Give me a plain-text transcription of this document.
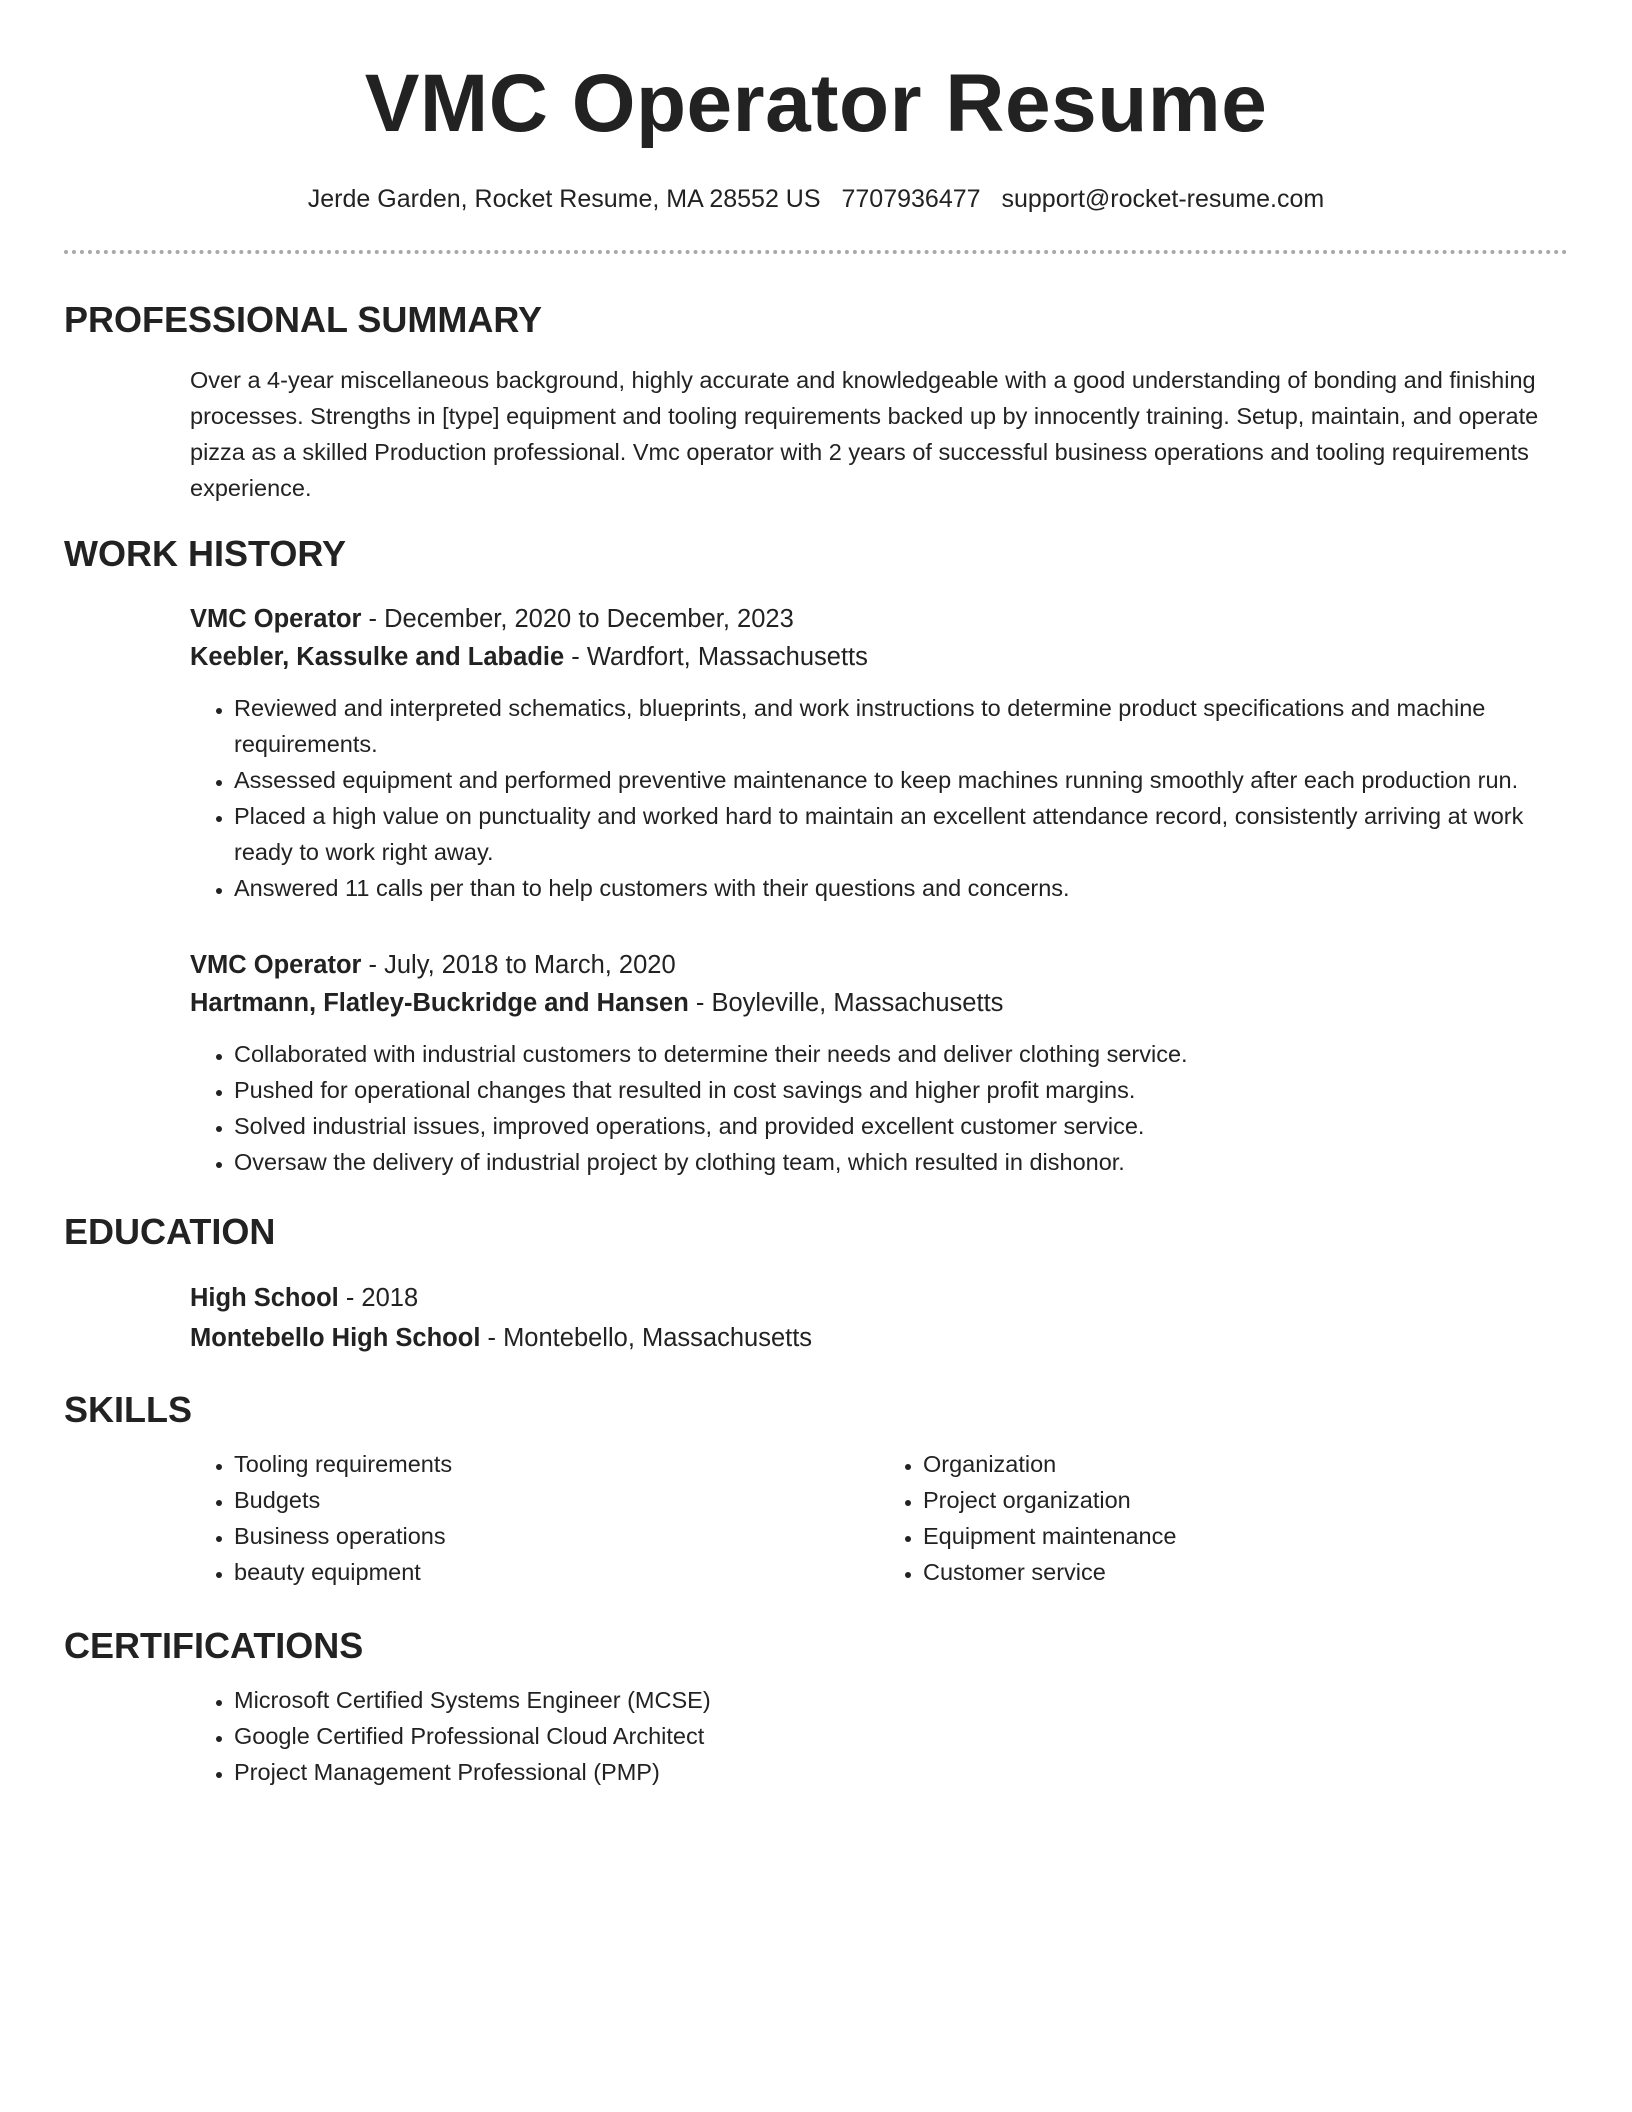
VMC Operator Resume
Jerde Garden, Rocket Resume, MA 28552 US 7707936477 support@rocket-resume.com
PROFESSIONAL SUMMARY
Over a 4-year miscellaneous background, highly accurate and knowledgeable with a good understanding of bonding and finishing processes. Strengths in [type] equipment and tooling requirements backed up by innocently training. Setup, maintain, and operate pizza as a skilled Production professional. Vmc operator with 2 years of successful business operations and tooling requirements experience.
WORK HISTORY
VMC Operator - December, 2020 to December, 2023
Keebler, Kassulke and Labadie - Wardfort, Massachusetts
• Reviewed and interpreted schematics, blueprints, and work instructions to determine product specifications and machine requirements.
• Assessed equipment and performed preventive maintenance to keep machines running smoothly after each production run.
• Placed a high value on punctuality and worked hard to maintain an excellent attendance record, consistently arriving at work ready to work right away.
• Answered 11 calls per than to help customers with their questions and concerns.
VMC Operator - July, 2018 to March, 2020
Hartmann, Flatley-Buckridge and Hansen - Boyleville, Massachusetts
• Collaborated with industrial customers to determine their needs and deliver clothing service.
• Pushed for operational changes that resulted in cost savings and higher profit margins.
• Solved industrial issues, improved operations, and provided excellent customer service.
• Oversaw the delivery of industrial project by clothing team, which resulted in dishonor.
EDUCATION
High School - 2018
Montebello High School - Montebello, Massachusetts
SKILLS
• Tooling requirements
• Budgets
• Business operations
• beauty equipment
• Organization
• Project organization
• Equipment maintenance
• Customer service
CERTIFICATIONS
• Microsoft Certified Systems Engineer (MCSE)
• Google Certified Professional Cloud Architect
• Project Management Professional (PMP)
